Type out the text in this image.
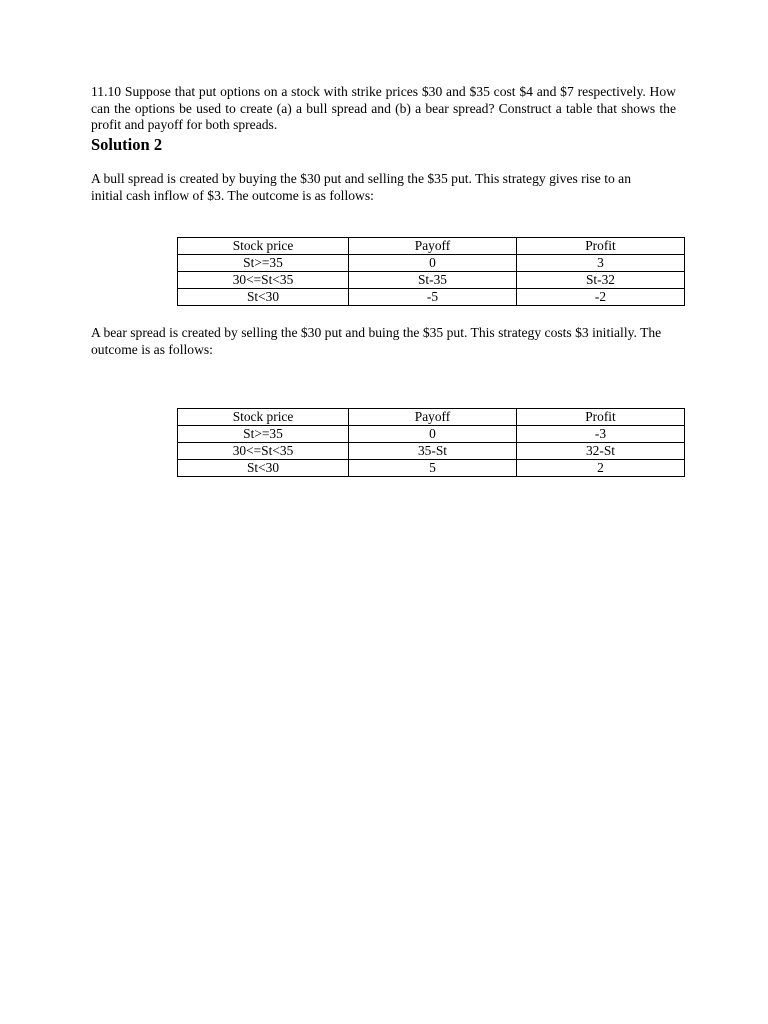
11.10 Suppose that put options on a stock with strike prices $30 and $35 cost $4 and $7 respectively. How can the options be used to create (a) a bull spread and (b) a bear spread? Construct a table that shows the profit and payoff for both spreads.

Solution 2

A bull spread is created by buying the $30 put and selling the $35 put. This strategy gives rise to an initial cash inflow of $3. The outcome is as follows:

Stock price	Payoff	Profit
St>=35	0	3
30<=St<35	St-35	St-32
St<30	-5	-2

A bear spread is created by selling the $30 put and buing the $35 put. This strategy costs $3 initially. The outcome is as follows:

Stock price	Payoff	Profit
St>=35	0	-3
30<=St<35	35-St	32-St
St<30	5	2
